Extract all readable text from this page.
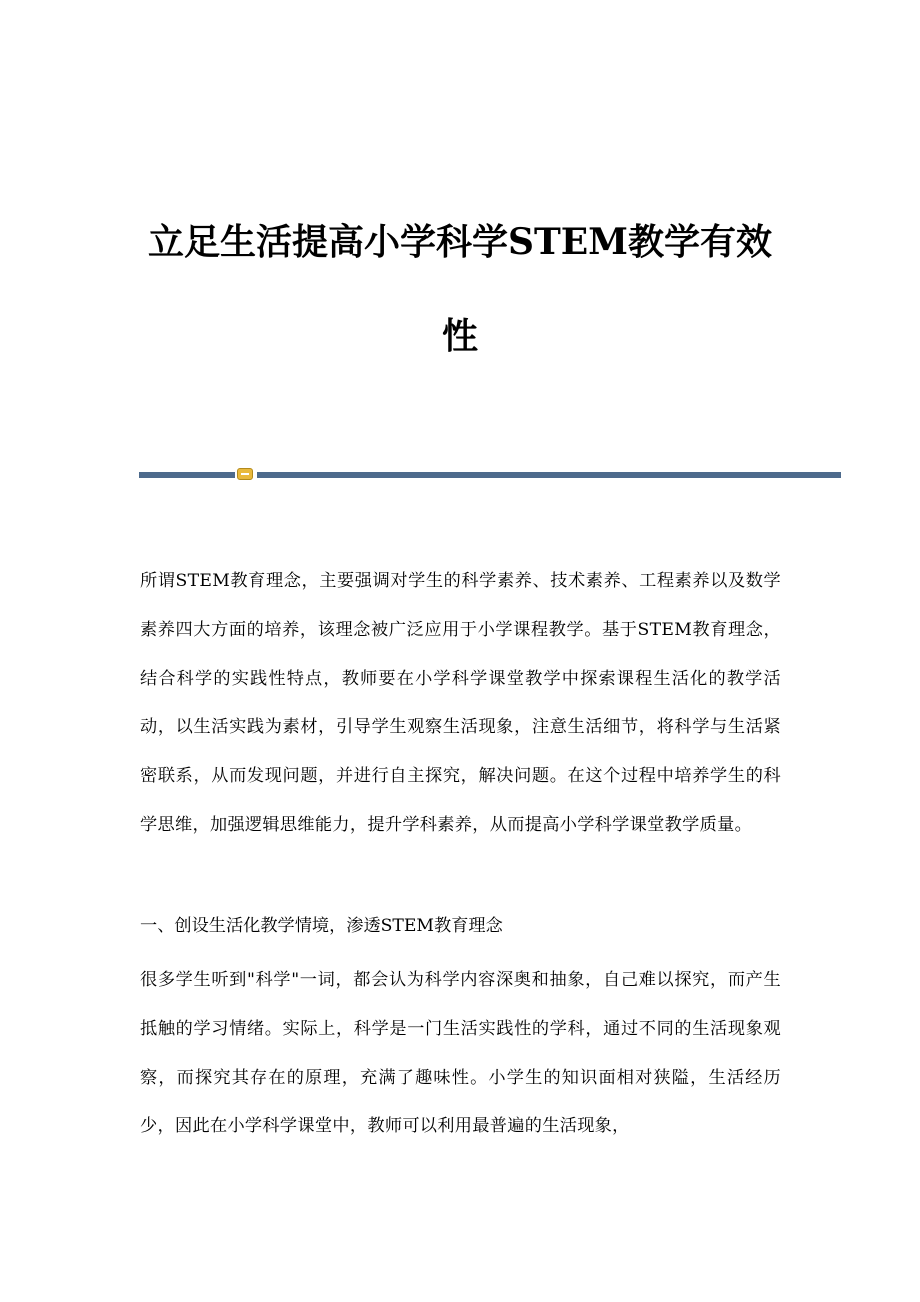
立足生活提高小学科学STEM教学有效
性

所谓STEM教育理念，主要强调对学生的科学素养、技术素养、工程素养以及数学素养四大方面的培养，该理念被广泛应用于小学课程教学。基于STEM教育理念，结合科学的实践性特点，教师要在小学科学课堂教学中探索课程生活化的教学活动，以生活实践为素材，引导学生观察生活现象，注意生活细节，将科学与生活紧密联系，从而发现问题，并进行自主探究，解决问题。在这个过程中培养学生的科学思维，加强逻辑思维能力，提升学科素养，从而提高小学科学课堂教学质量。

一、创设生活化教学情境，渗透STEM教育理念

很多学生听到"科学"一词，都会认为科学内容深奥和抽象，自己难以探究，而产生抵触的学习情绪。实际上，科学是一门生活实践性的学科，通过不同的生活现象观察，而探究其存在的原理，充满了趣味性。小学生的知识面相对狭隘，生活经历少，因此在小学科学课堂中，教师可以利用最普遍的生活现象，
